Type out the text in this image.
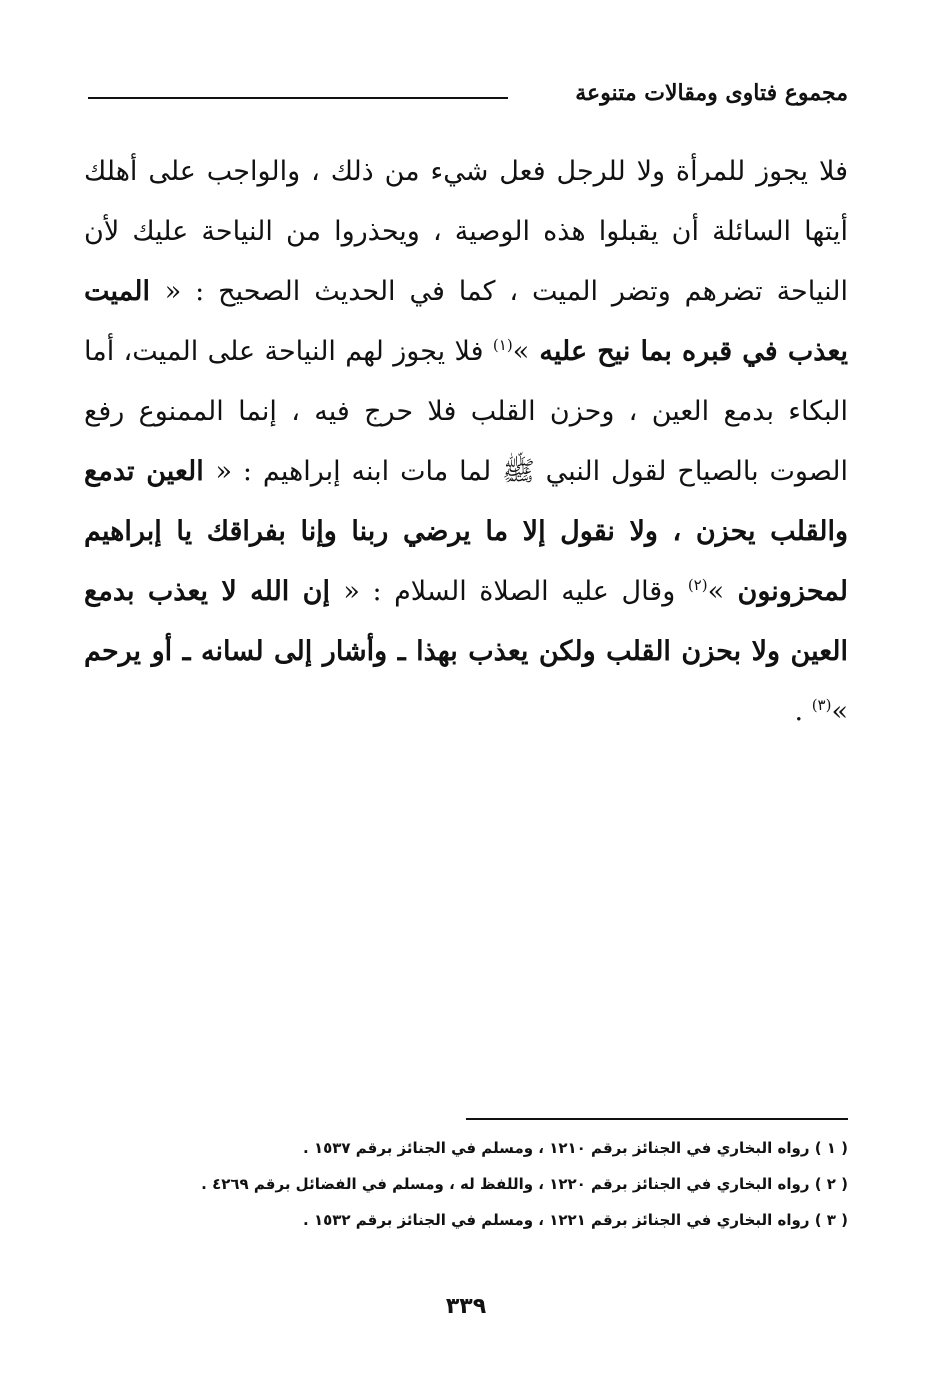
مجموع فتاوى ومقالات متنوعة
فلا يجوز للمرأة ولا للرجل فعل شيء من ذلك ، والواجب على أهلك أيتها السائلة أن يقبلوا هذه الوصية ، ويحذروا من النياحة عليك لأن النياحة تضرهم وتضر الميت ، كما في الحديث الصحيح : « الميت يعذب في قبره بما نيح عليه »$^{(١)}$ فلا يجوز لهم النياحة على الميت، أما البكاء بدمع العين ، وحزن القلب فلا حرج فيه ، إنما الممنوع رفع الصوت بالصياح لقول النبي ﷺ لما مات ابنه إبراهيم : « العين تدمع والقلب يحزن ، ولا نقول إلا ما يرضي ربنا وإنا بفراقك يا إبراهيم لمحزونون »$^{(٢)}$ وقال عليه الصلاة السلام : « إن الله لا يعذب بدمع العين ولا بحزن القلب ولكن يعذب بهذا ـ وأشار إلى لسانه ـ أو يرحم »$^{(٣)}$ .
( ١ ) رواه البخاري في الجنائز برقم ١٢١٠ ، ومسلم في الجنائز برقم ١٥٣٧ .
( ٢ ) رواه البخاري في الجنائز برقم ١٢٢٠ ، واللفظ له ، ومسلم في الفضائل برقم ٤٢٦٩ .
( ٣ ) رواه البخاري في الجنائز برقم ١٢٢١ ، ومسلم في الجنائز برقم ١٥٣٢ .
٣٣٩
